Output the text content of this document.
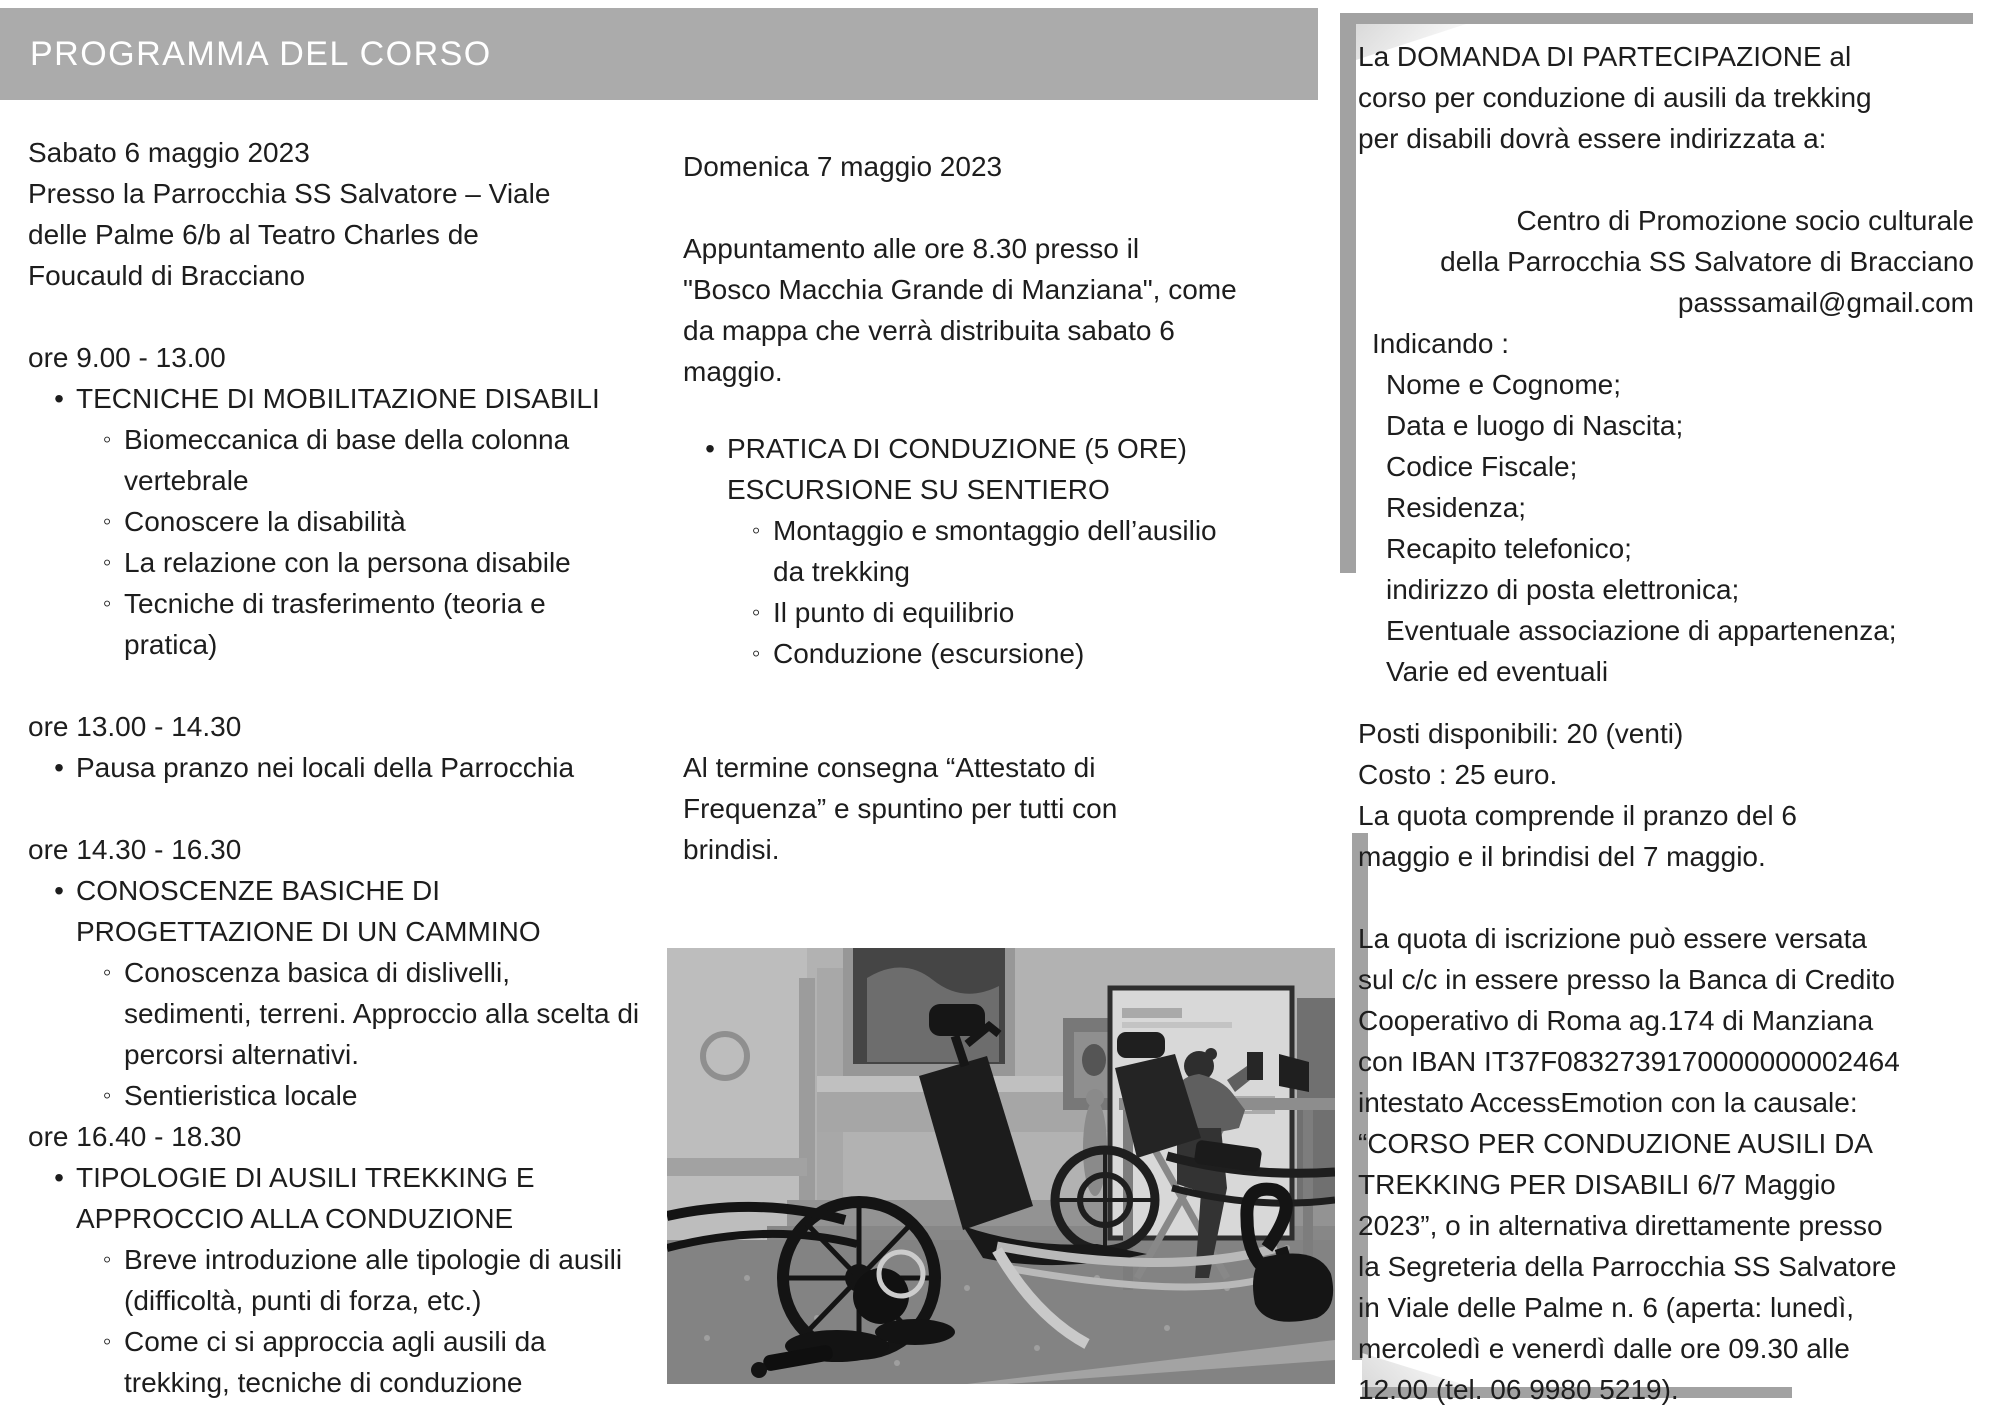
PROGRAMMA DEL CORSO
Sabato 6 maggio 2023
Presso la Parrocchia SS Salvatore – Viale
delle Palme 6/b al Teatro Charles de
Foucauld di Bracciano
ore 9.00 - 13.00
• TECNICHE DI MOBILITAZIONE DISABILI
◦ Biomeccanica di base della colonna vertebrale
◦ Conoscere la disabilità
◦ La relazione con la persona disabile
◦ Tecniche di trasferimento (teoria e pratica)
ore 13.00 - 14.30
• Pausa pranzo nei locali della Parrocchia
ore 14.30 - 16.30
• CONOSCENZE BASICHE DI PROGETTAZIONE DI UN CAMMINO
◦ Conoscenza basica di dislivelli, sedimenti, terreni. Approccio alla scelta di percorsi alternativi.
◦ Sentieristica locale
ore 16.40 - 18.30
• TIPOLOGIE DI AUSILI TREKKING E APPROCCIO ALLA CONDUZIONE
◦ Breve introduzione alle tipologie di ausili (difficoltà, punti di forza, etc.)
◦ Come ci si approccia agli ausili da trekking, tecniche di conduzione
Domenica 7 maggio 2023
Appuntamento alle ore 8.30 presso il
"Bosco Macchia Grande di Manziana", come
da mappa che verrà distribuita sabato 6
maggio.
• PRATICA DI CONDUZIONE (5 ORE) ESCURSIONE SU SENTIERO
◦ Montaggio e smontaggio dell’ausilio da trekking
◦ Il punto di equilibrio
◦ Conduzione (escursione)
Al termine consegna “Attestato di
Frequenza” e spuntino per tutti con
brindisi.
La DOMANDA DI PARTECIPAZIONE al
corso per conduzione di ausili da trekking
per disabili dovrà essere indirizzata a:
Centro di Promozione socio culturale
della Parrocchia SS Salvatore di Bracciano
passsamail@gmail.com
Indicando :
Nome e Cognome;
Data e luogo di Nascita;
Codice Fiscale;
Residenza;
Recapito telefonico;
indirizzo di posta elettronica;
Eventuale associazione di appartenenza;
Varie ed eventuali
Posti disponibili: 20 (venti)
Costo : 25 euro.
La quota comprende il pranzo del 6
maggio e il brindisi del 7 maggio.
La quota di iscrizione può essere versata
sul c/c in essere presso la Banca di Credito
Cooperativo di Roma ag.174 di Manziana
con IBAN IT37F0832739170000000002464
intestato AccessEmotion con la causale:
“CORSO PER CONDUZIONE AUSILI DA
TREKKING PER DISABILI 6/7 Maggio
2023”, o in alternativa direttamente presso
la Segreteria della Parrocchia SS Salvatore
in Viale delle Palme n. 6 (aperta: lunedì,
mercoledì e venerdì dalle ore 09.30 alle
12.00 (tel. 06 9980 5219).
